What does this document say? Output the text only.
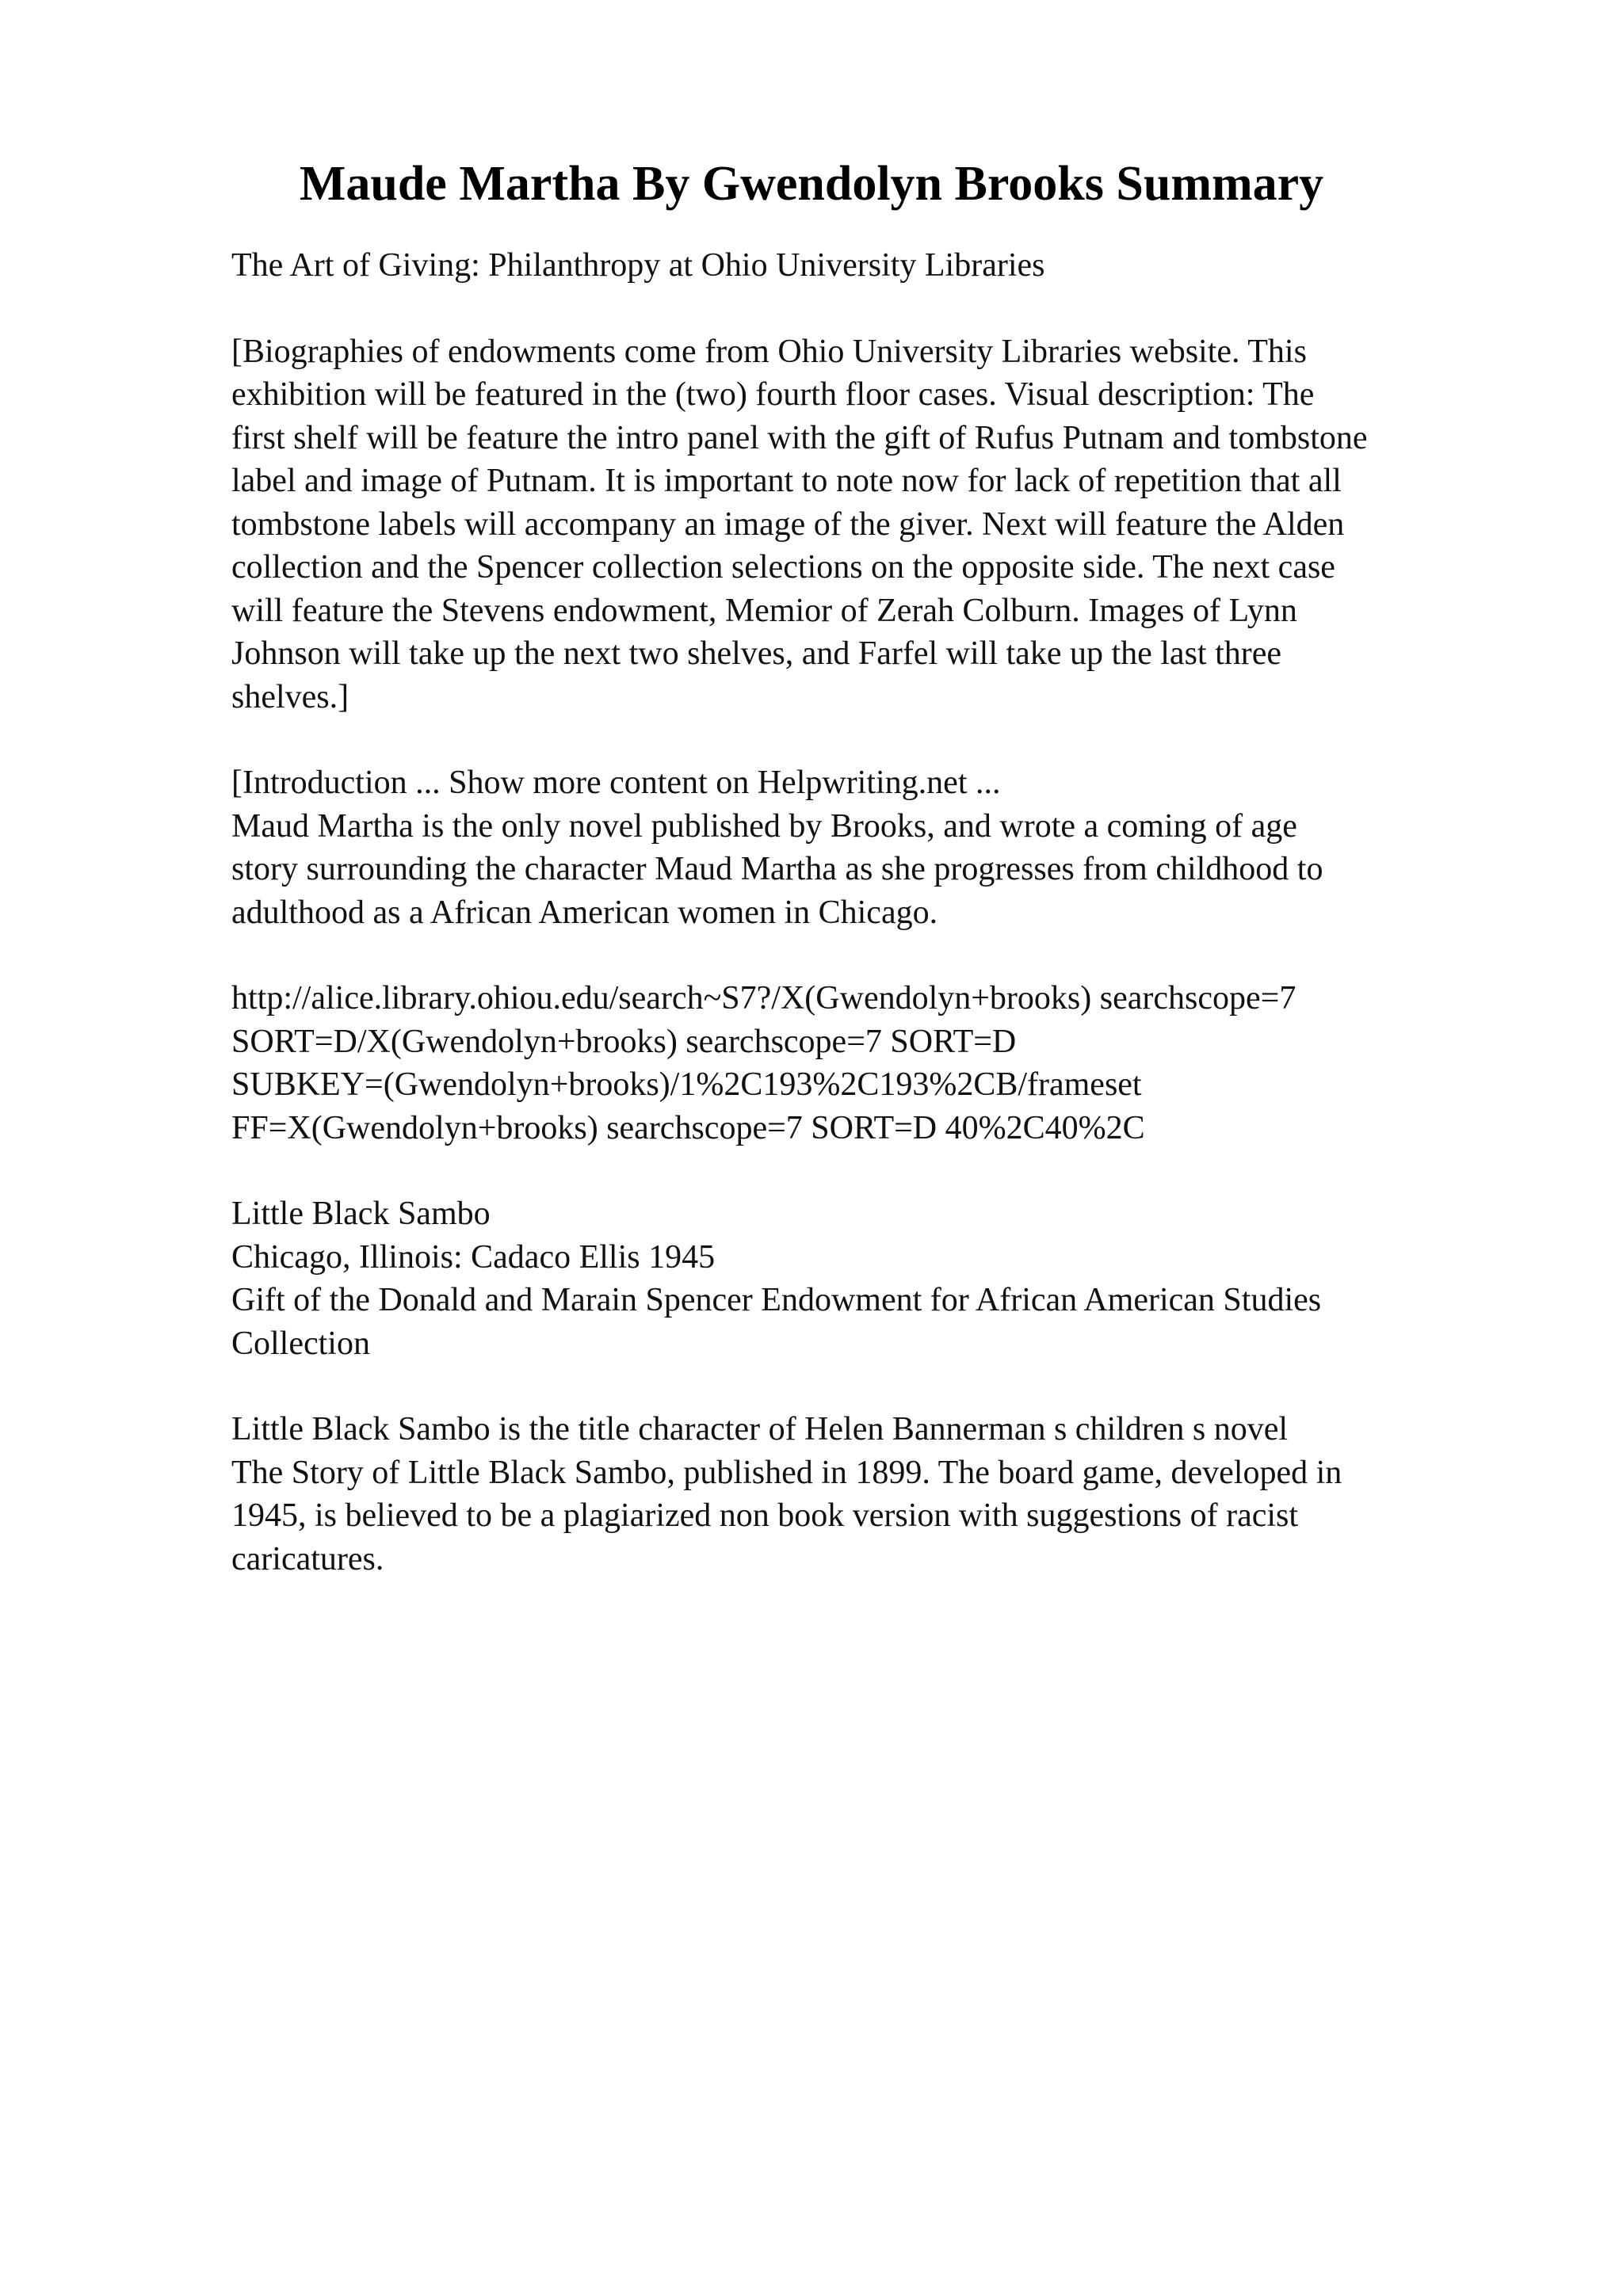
Maude Martha By Gwendolyn Brooks Summary

The Art of Giving: Philanthropy at Ohio University Libraries

[Biographies of endowments come from Ohio University Libraries website. This
exhibition will be featured in the (two) fourth floor cases. Visual description: The
first shelf will be feature the intro panel with the gift of Rufus Putnam and tombstone
label and image of Putnam. It is important to note now for lack of repetition that all
tombstone labels will accompany an image of the giver. Next will feature the Alden
collection and the Spencer collection selections on the opposite side. The next case
will feature the Stevens endowment, Memior of Zerah Colburn. Images of Lynn
Johnson will take up the next two shelves, and Farfel will take up the last three
shelves.]

[Introduction ... Show more content on Helpwriting.net ...
Maud Martha is the only novel published by Brooks, and wrote a coming of age
story surrounding the character Maud Martha as she progresses from childhood to
adulthood as a African American women in Chicago.

http://alice.library.ohiou.edu/search~S7?/X(Gwendolyn+brooks) searchscope=7
SORT=D/X(Gwendolyn+brooks) searchscope=7 SORT=D
SUBKEY=(Gwendolyn+brooks)/1%2C193%2C193%2CB/frameset
FF=X(Gwendolyn+brooks) searchscope=7 SORT=D 40%2C40%2C

Little Black Sambo
Chicago, Illinois: Cadaco Ellis 1945
Gift of the Donald and Marain Spencer Endowment for African American Studies
Collection

Little Black Sambo is the title character of Helen Bannerman s children s novel
The Story of Little Black Sambo, published in 1899. The board game, developed in
1945, is believed to be a plagiarized non book version with suggestions of racist
caricatures.
